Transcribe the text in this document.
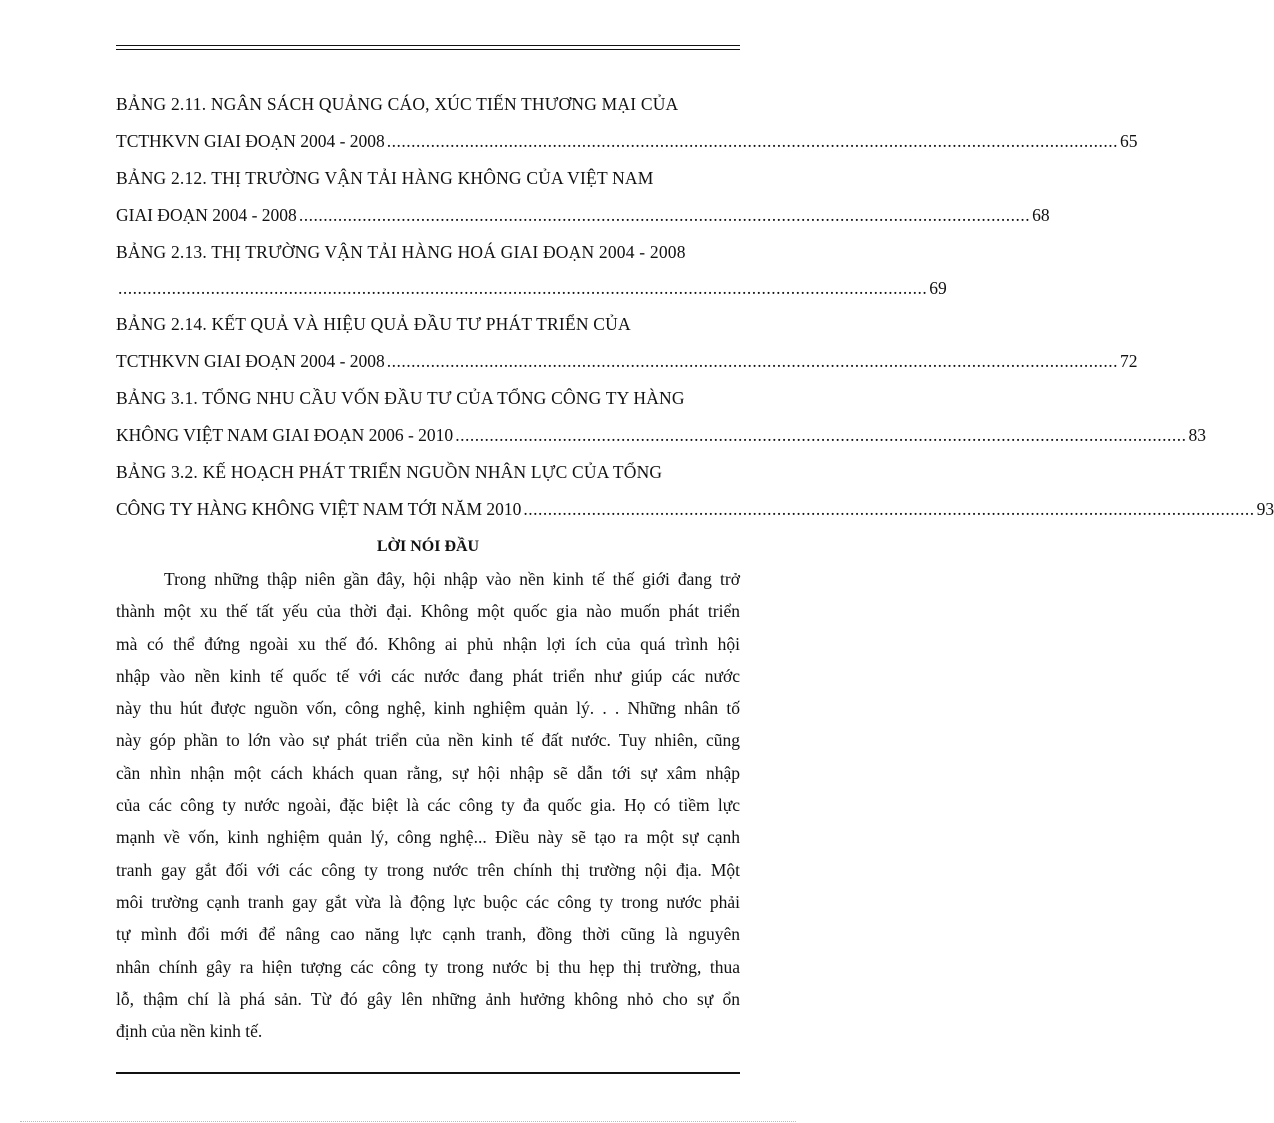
BẢNG 2.11. NGÂN SÁCH QUẢNG CÁO, XÚC TIẾN THƯƠNG MẠI CỦA
TCTHKVN GIAI ĐOẠN 2004 - 2008 ...................................................................................................................................................... 65
BẢNG 2.12. THỊ TRƯỜNG VẬN TẢI HÀNG KHÔNG CỦA VIỆT NAM
GIAI ĐOẠN 2004 - 2008 ...................................................................................................................................................... 68
BẢNG 2.13. THỊ TRƯỜNG VẬN TẢI HÀNG HOÁ GIAI ĐOẠN 2004 - 2008
...................................................................................................................................................................... 69
BẢNG 2.14. KẾT QUẢ VÀ HIỆU QUẢ ĐẦU TƯ PHÁT TRIỂN CỦA
TCTHKVN GIAI ĐOẠN 2004 - 2008 ...................................................................................................................................................... 72
BẢNG 3.1. TỔNG NHU CẦU VỐN ĐẦU TƯ CỦA TỔNG CÔNG TY HÀNG
KHÔNG VIỆT NAM GIAI ĐOẠN 2006 - 2010 ...................................................................................................................................................... 83
BẢNG 3.2. KẾ HOẠCH PHÁT TRIỂN NGUỒN NHÂN LỰC CỦA TỔNG
CÔNG TY HÀNG KHÔNG VIỆT NAM TỚI NĂM 2010 ...................................................................................................................................................... 93
LỜI NÓI ĐẦU
Trong những thập niên gần đây, hội nhập vào nền kinh tế thế giới đang trở
thành một xu thế tất yếu của thời đại. Không một quốc gia nào muốn phát triển
mà có thể đứng ngoài xu thế đó. Không ai phủ nhận lợi ích của quá trình hội
nhập vào nền kinh tế quốc tế với các nước đang phát triển như giúp các nước
này thu hút được nguồn vốn, công nghệ, kinh nghiệm quản lý. . . Những nhân tố
này góp phần to lớn vào sự phát triển của nền kinh tế đất nước. Tuy nhiên, cũng
cần nhìn nhận một cách khách quan rằng, sự hội nhập sẽ dẫn tới sự xâm nhập
của các công ty nước ngoài, đặc biệt là các công ty đa quốc gia. Họ có tiềm lực
mạnh về vốn, kinh nghiệm quản lý, công nghệ... Điều này sẽ tạo ra một sự cạnh
tranh gay gắt đối với các công ty trong nước trên chính thị trường nội địa. Một
môi trường cạnh tranh gay gắt vừa là động lực buộc các công ty trong nước phải
tự mình đổi mới để nâng cao năng lực cạnh tranh, đồng thời cũng là nguyên
nhân chính gây ra hiện tượng các công ty trong nước bị thu hẹp thị trường, thua
lỗ, thậm chí là phá sản. Từ đó gây lên những ảnh hưởng không nhỏ cho sự ổn
định của nền kinh tế.
